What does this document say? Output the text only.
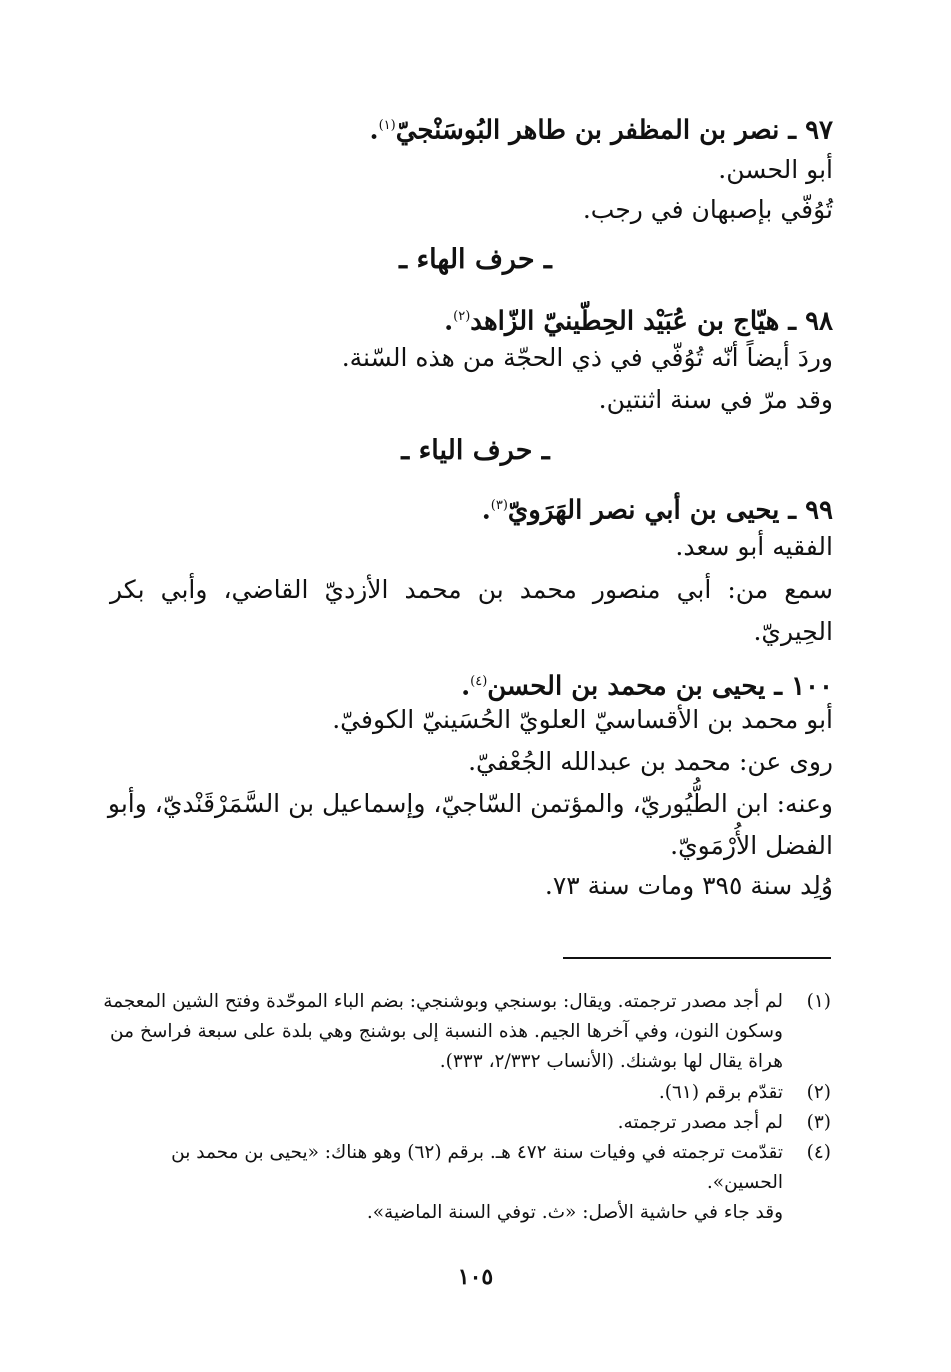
٩٧ ـ نصر بن المظفر بن طاهر البُوسَنْجيّ$^{(١)}$.
أبو الحسن.
تُوُفّي بإصبهان في رجب.
ـ حرف الهاء ـ
٩٨ ـ هيّاج بن عُبَيْد الحِطّينيّ الزّاهد$^{(٢)}$.
وردَ أيضاً أنّه تُوُفّي في ذي الحجّة من هذه السّنة.
وقد مرّ في سنة اثنتين.
ـ حرف الياء ـ
٩٩ ـ يحيى بن أبي نصر الهَرَويّ$^{(٣)}$.
الفقيه أبو سعد.
سمع من: أبي منصور محمد بن محمد الأزديّ القاضي، وأبي بكر
الحِيريّ.
١٠٠ ـ يحيى بن محمد بن الحسن$^{(٤)}$.
أبو محمد بن الأقساسيّ العلويّ الحُسَينيّ الكوفيّ.
روى عن: محمد بن عبدالله الجُعْفيّ.
وعنه: ابن الطُّيُوريّ، والمؤتمن السّاجيّ، وإسماعيل بن السَّمَرْقَنْديّ، وأبو
الفضل الأُرْمَويّ.
وُلِد سنة ٣٩٥ ومات سنة ٧٣.
(١)لم أجد مصدر ترجمته. ويقال: بوسنجي وبوشنجي: بضم الباء الموحّدة وفتح الشين المعجمة
وسكون النون، وفي آخرها الجيم. هذه النسبة إلى بوشنج وهي بلدة على سبعة فراسخ من
هراة يقال لها بوشنك. (الأنساب ٢/٣٣٢، ٣٣٣).
(٢)تقدّم برقم (٦١).
(٣)لم أجد مصدر ترجمته.
(٤)تقدّمت ترجمته في وفيات سنة ٤٧٢ هـ. برقم (٦٢) وهو هناك: «يحيى بن محمد بن
الحسين».
وقد جاء في حاشية الأصل: «ث. توفي السنة الماضية».
١٠٥
